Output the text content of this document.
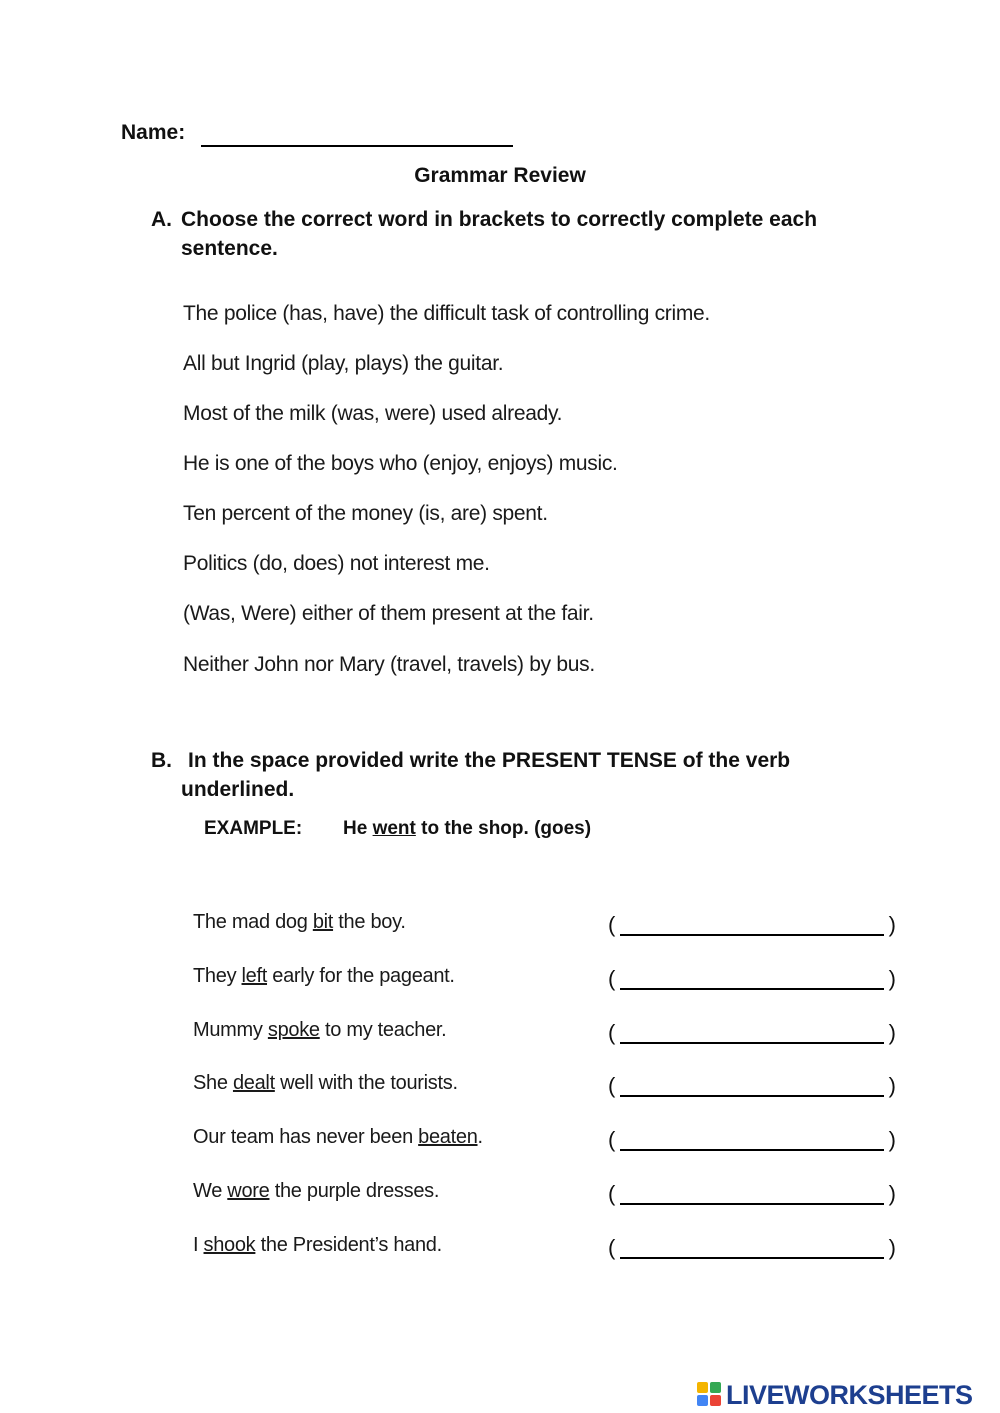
Name:
Grammar Review
A. Choose the correct word in brackets to correctly complete each sentence.
The police (has, have) the difficult task of controlling crime.
All but Ingrid (play, plays) the guitar.
Most of the milk (was, were) used already.
He is one of the boys who (enjoy, enjoys) music.
Ten percent of the money (is, are) spent.
Politics (do, does) not interest me.
(Was, Were) either of them present at the fair.
Neither John nor Mary (travel, travels) by bus.
B. In the space provided write the PRESENT TENSE of the verb underlined.
EXAMPLE: He went to the shop. (goes)
The mad dog bit the boy.	(	)
They left early for the pageant.	(	)
Mummy spoke to my teacher.	(	)
She dealt well with the tourists.	(	)
Our team has never been beaten.	(	)
We wore the purple dresses.	(	)
I shook the President’s hand.	(	)
LIVEWORKSHEETS
